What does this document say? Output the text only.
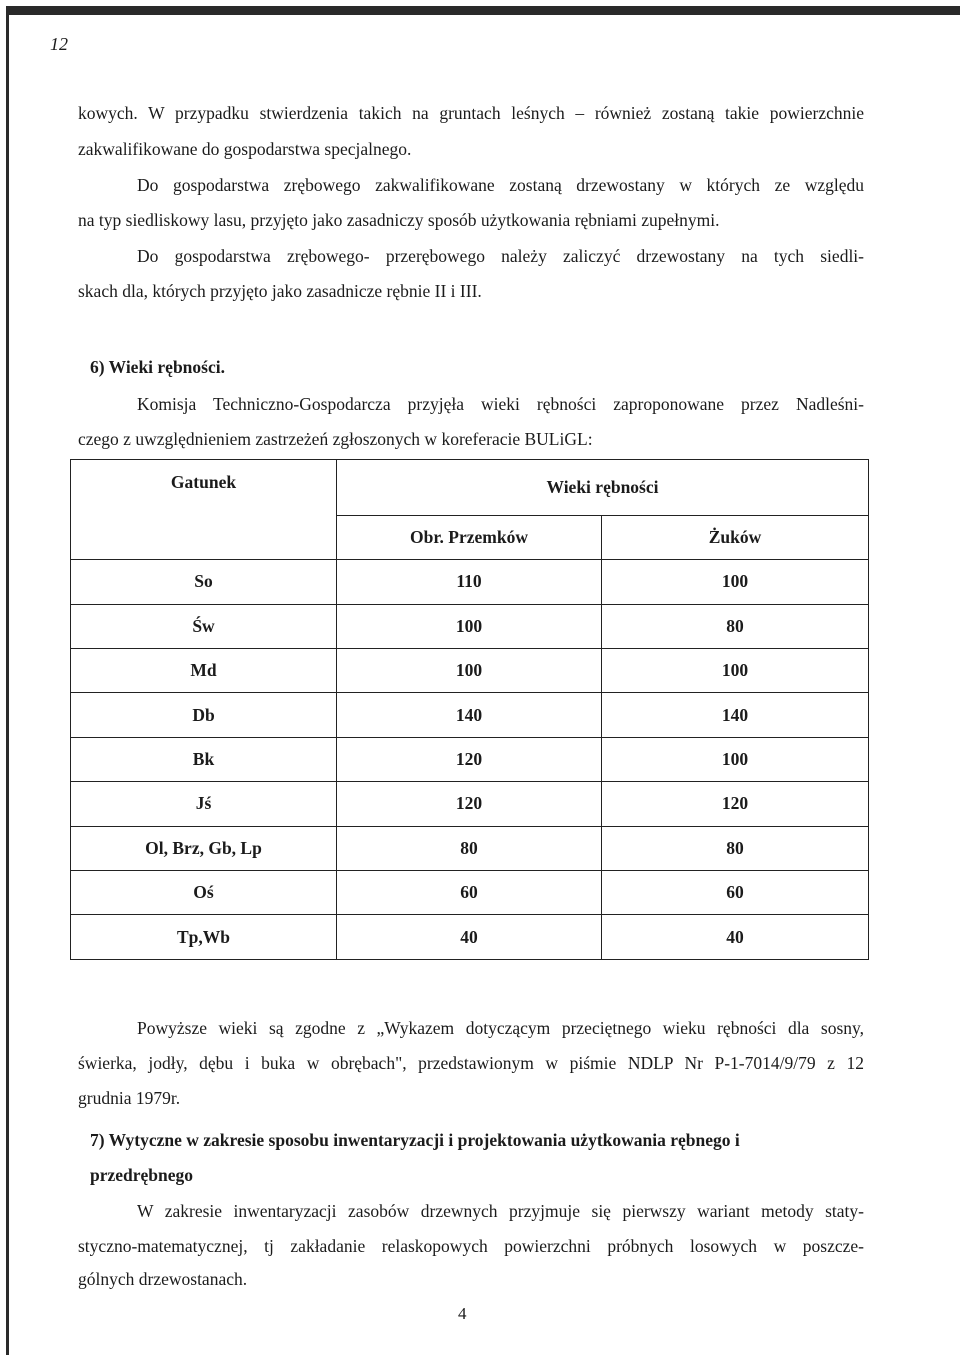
12
kowych. W przypadku stwierdzenia takich na gruntach leśnych – również zostaną takie powierzchnie
zakwalifikowane do gospodarstwa specjalnego.
Do gospodarstwa zrębowego zakwalifikowane zostaną drzewostany w których ze względu
na typ siedliskowy lasu, przyjęto jako zasadniczy sposób użytkowania rębniami zupełnymi.
Do gospodarstwa zrębowego- przerębowego należy zaliczyć drzewostany na tych siedli-
skach dla, których przyjęto jako zasadnicze rębnie II i III.
6) Wieki rębności.
Komisja Techniczno-Gospodarcza przyjęła wieki rębności zaproponowane przez Nadleśni-
czego z uwzględnieniem zastrzeżeń zgłoszonych w koreferacie BULiGL:
Gatunek	Wieki rębności	
	Obr. Przemków	Żuków
So	110	100
Św	100	80
Md	100	100
Db	140	140
Bk	120	100
Jś	120	120
Ol, Brz, Gb, Lp	80	80
Oś	60	60
Tp,Wb	40	40
Powyższe wieki są zgodne z „Wykazem dotyczącym przeciętnego wieku rębności dla sosny,
świerka, jodły, dębu i buka w obrębach", przedstawionym w piśmie NDLP Nr P-1-7014/9/79 z 12
grudnia 1979r.
7) Wytyczne w zakresie sposobu inwentaryzacji i projektowania użytkowania rębnego i
przedrębnego
W zakresie inwentaryzacji zasobów drzewnych przyjmuje się pierwszy wariant metody staty-
styczno-matematycznej, tj zakładanie relaskopowych powierzchni próbnych losowych w poszcze-
gólnych drzewostanach.
4
